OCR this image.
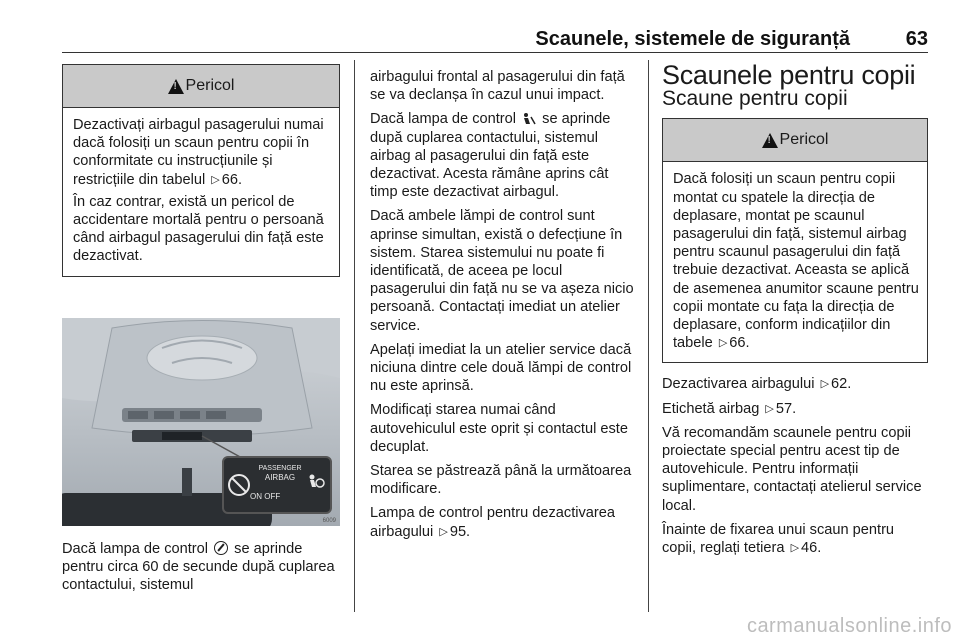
Scaunele, sistemele de siguranță	63
!
Pericol

Dezactivați airbagul pasagerului numai dacă folosiți un scaun pentru copii în conformitate cu instrucțiunile și restricțiile din tabelul ▷ 66.

În caz contrar, există un pericol de accidentare mortală pentru o persoană când airbagul pasagerului din față este dezactivat.

PASSENGER
AIRBAG
ON OFF
6009

Dacă lampa de control se aprinde pentru circa 60 de secunde după cuplarea contactului, sistemul

airbagului frontal al pasagerului din față se va declanșa în cazul unui impact.

Dacă lampa de control se aprinde după cuplarea contactului, sistemul airbag al pasagerului din față este dezactivat. Acesta rămâne aprins cât timp este dezactivat airbagul.

Dacă ambele lămpi de control sunt aprinse simultan, există o defecțiune în sistem. Starea sistemului nu poate fi identificată, de aceea pe locul pasagerului din față nu se va așeza nicio persoană. Contactați imediat un atelier service.

Apelați imediat la un atelier service dacă niciuna dintre cele două lămpi de control nu este aprinsă.

Modificați starea numai când autovehiculul este oprit și contactul este decuplat.

Starea se păstrează până la următoarea modificare.

Lampa de control pentru dezactivarea airbagului ▷ 95.

Scaunele pentru copii
Scaune pentru copii
!
Pericol

Dacă folosiți un scaun pentru copii montat cu spatele la direcția de deplasare, montat pe scaunul pasagerului din față, sistemul airbag pentru scaunul pasagerului din față trebuie dezactivat. Aceasta se aplică de asemenea anumitor scaune pentru copii montate cu fața la direcția de deplasare, conform indicațiilor din tabele ▷ 66.

Dezactivarea airbagului ▷ 62.

Etichetă airbag ▷ 57.

Vă recomandăm scaunele pentru copii proiectate special pentru acest tip de autovehicule. Pentru informații suplimentare, contactați atelierul service local.

Înainte de fixarea unui scaun pentru copii, reglați tetiera ▷ 46.

carmanualsonline.info
